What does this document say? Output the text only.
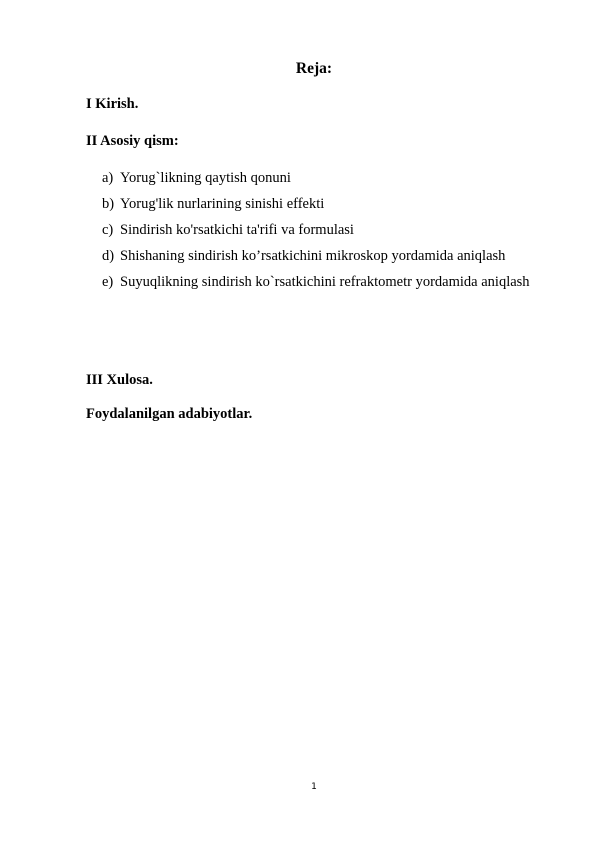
Reja:
I Kirish.
II Asosiy qism:
a) Yorug`likning qaytish qonuni
b) Yorug'lik nurlarining sinishi effekti
c) Sindirish ko'rsatkichi ta'rifi va formulasi
d) Shishaning sindirish ko’rsatkichini mikroskop yordamida aniqlash
e) Suyuqlikning sindirish ko`rsatkichini refraktometr yordamida aniqlash
III Xulosa.
Foydalanilgan adabiyotlar.
1
